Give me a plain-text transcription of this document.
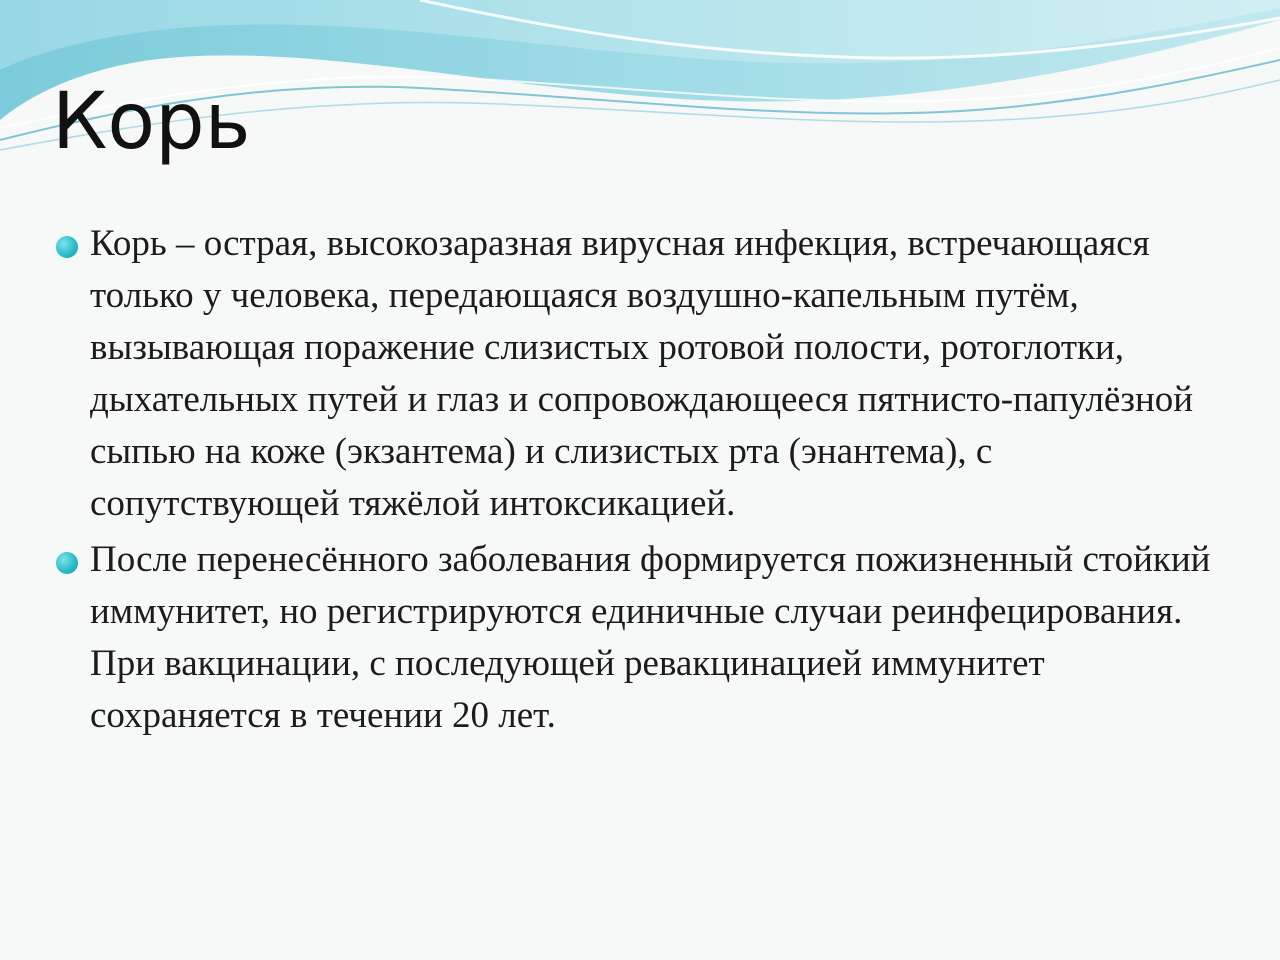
Корь

Корь – острая, высокозаразная вирусная инфекция, встречающаяся только у человека, передающаяся воздушно-капельным путём, вызывающая поражение слизистых ротовой полости, ротоглотки, дыхательных путей и глаз и сопровождающееся пятнисто-папулёзной сыпью на коже (экзантема) и слизистых рта (энантема), с сопутствующей тяжёлой интоксикацией.

После перенесённого заболевания формируется пожизненный стойкий иммунитет, но регистрируются единичные случаи реинфецирования. При вакцинации, с последующей ревакцинацией иммунитет сохраняется в течении 20 лет.
